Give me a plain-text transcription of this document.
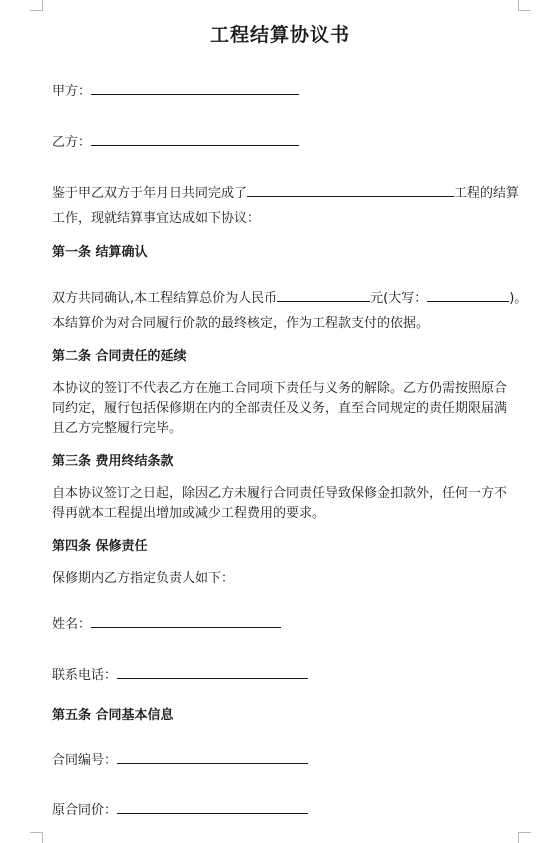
工程结算协议书
甲方：
乙方：
鉴于甲乙双方于年月日共同完成了	工程的结算
工作，现就结算事宜达成如下协议：
第一条 结算确认
双方共同确认,本工程结算总价为人民币	元(大写：	)。
本结算价为对合同履行价款的最终核定，作为工程款支付的依据。
第二条 合同责任的延续
本协议的签订不代表乙方在施工合同项下责任与义务的解除。乙方仍需按照原合
同约定，履行包括保修期在内的全部责任及义务，直至合同规定的责任期限届满
且乙方完整履行完毕。
第三条 费用终结条款
自本协议签订之日起，除因乙方未履行合同责任导致保修金扣款外，任何一方不
得再就本工程提出增加或减少工程费用的要求。
第四条 保修责任
保修期内乙方指定负责人如下：
姓名：
联系电话：
第五条 合同基本信息
合同编号：
原合同价：
